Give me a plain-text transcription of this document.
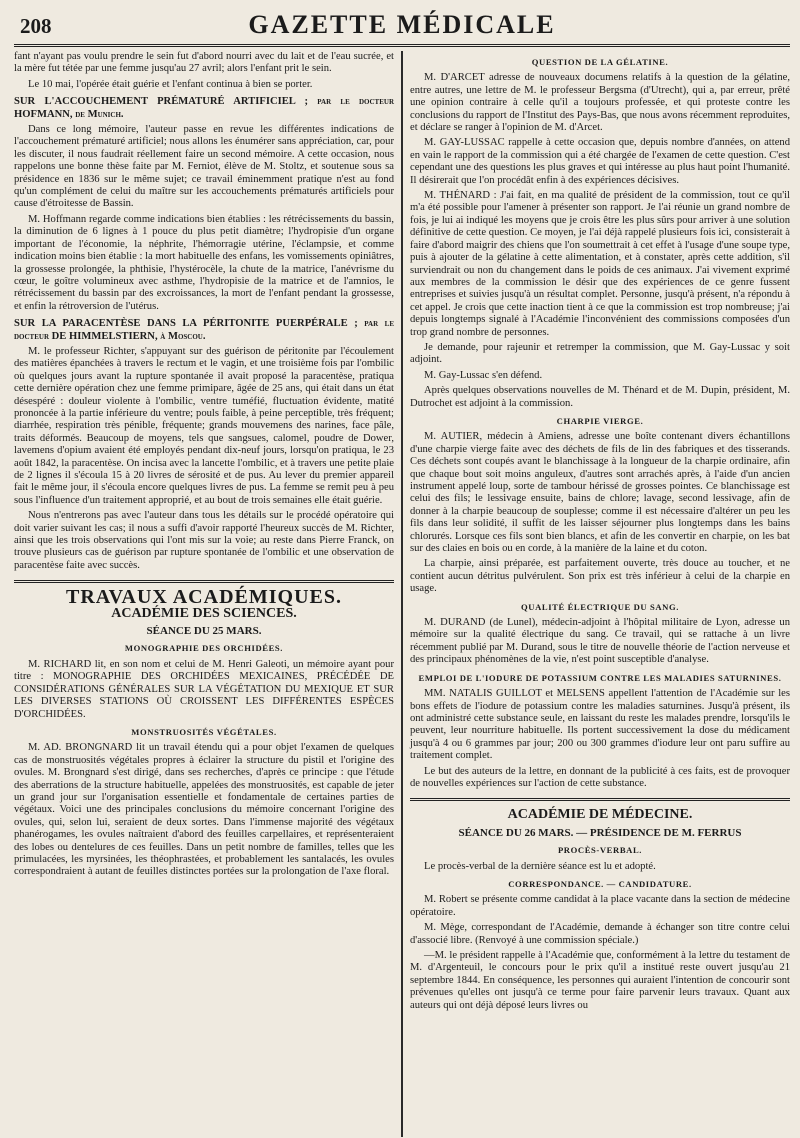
208	GAZETTE MÉDICALE

fant n'ayant pas voulu prendre le sein fut d'abord nourri avec du lait et de l'eau sucrée, et la mère fut tétée par une femme jusqu'au 27 avril; alors l'enfant prit le sein.

Le 10 mai, l'opérée était guérie et l'enfant continua à bien se porter.

SUR L'ACCOUCHEMENT PRÉMATURÉ ARTIFICIEL ; par le docteur HOFMANN, de Munich.

Dans ce long mémoire, l'auteur passe en revue les différentes indications de l'accouchement prématuré artificiel; nous allons les énumérer sans appréciation, car, pour les discuter, il nous faudrait réellement faire un second mémoire. A cette occasion, nous rappelons une bonne thèse faite par M. Ferniot, élève de M. Stoltz, et soutenue sous sa présidence en 1836 sur le même sujet; ce travail éminemment pratique n'est au fond qu'un complément de celui du maître sur les accouchements prématurés artificiels pour cause d'étroitesse de Bassin.

M. Hoffmann regarde comme indications bien établies : les rétrécissements du bassin, la diminution de 6 lignes à 1 pouce du plus petit diamètre; l'hydropisie d'un organe important de l'économie, la néphrite, l'hémorragie utérine, l'éclampsie, et comme indication moins bien établie : la mort habituelle des enfans, les vomissements opiniâtres, la grossesse prolongée, la phthisie, l'hystérocèle, la chute de la matrice, l'anévrisme du cœur, le goître volumineux avec asthme, l'hydropisie de la matrice et de l'amnios, le rétrécissement du bassin par des excroissances, la mort de l'enfant pendant la grossesse, et enfin la rétroversion de l'utérus.

SUR LA PARACENTÈSE DANS LA PÉRITONITE PUERPÉRALE ; par le docteur DE HIMMELSTIERN, à Moscou.

M. le professeur Richter, s'appuyant sur des guérison de péritonite par l'écoulement des matières épanchées à travers le rectum et le vagin, et une troisième fois par l'ombilic où quelques jours avant la rupture spontanée il avait proposé la paracentèse, pratiqua cette dernière opération chez une femme primipare, âgée de 25 ans, qui était dans un état désespéré : douleur violente à l'ombilic, ventre tuméfié, fluctuation évidente, matité prononcée à la partie inférieure du ventre; pouls faible, à peine perceptible, très fréquent; diarrhée, respiration très pénible, fréquente; grands mouvemens des narines, face pâle, traits déformés. Beaucoup de moyens, tels que sangsues, calomel, poudre de Dower, lavemens d'opium avaient été employés pendant dix-neuf jours, lorsqu'on pratiqua, le 23 août 1842, la paracentèse. On incisa avec la lancette l'ombilic, et à travers une petite plaie de 2 lignes il s'écoula 15 à 20 livres de sérosité et de pus. Au lever du premier appareil fait le même jour, il s'écoula encore quelques livres de pus. La femme se remit peu à peu sous l'influence d'un traitement approprié, et au bout de trois semaines elle était guérie.

Nous n'entrerons pas avec l'auteur dans tous les détails sur le procédé opératoire qui doit varier suivant les cas; il nous a suffi d'avoir rapporté l'heureux succès de M. Richter, ainsi que les trois observations qui l'ont mis sur la voie; au reste dans Pierre Franck, on trouve plusieurs cas de guérison par rupture spontanée de l'ombilic et une observation de paracentèse faite avec succès.

TRAVAUX ACADÉMIQUES.
ACADÉMIE DES SCIENCES.
SÉANCE DU 25 MARS.
MONOGRAPHIE DES ORCHIDÉES.

M. RICHARD lit, en son nom et celui de M. Henri Galeoti, un mémoire ayant pour titre : MONOGRAPHIE DES ORCHIDÉES MEXICAINES, PRÉCÉDÉE DE CONSIDÉRATIONS GÉNÉRALES SUR LA VÉGÉTATION DU MEXIQUE ET SUR LES DIVERSES STATIONS OÙ CROISSENT LES DIFFÉRENTES ESPÈCES D'ORCHIDÉES.

MONSTRUOSITÉS VÉGÉTALES.

M. AD. BRONGNARD lit un travail étendu qui a pour objet l'examen de quelques cas de monstruosités végétales propres à éclairer la structure du pistil et l'origine des ovules. M. Brongnard s'est dirigé, dans ses recherches, d'après ce principe : que l'étude des aberrations de la structure habituelle, appelées des monstruosités, est capable de jeter un grand jour sur l'organisation essentielle et fondamentale de certaines parties de végétaux. Voici une des principales conclusions du mémoire concernant l'origine des ovules, qui, selon lui, seraient de deux sortes. Dans l'immense majorité des végétaux phanérogames, les ovules naîtraient d'abord des feuilles carpellaires, et représenteraient des lobes ou dentelures de ces feuilles. Dans un petit nombre de familles, telles que les primulacées, les myrsinées, les théophrastées, et probablement les santalacés, les ovules correspondraient à autant de feuilles distinctes portées sur la prolongation de l'axe floral.

QUESTION DE LA GÉLATINE.

M. D'ARCET adresse de nouveaux documens relatifs à la question de la gélatine, entre autres, une lettre de M. le professeur Bergsma (d'Utrecht), qui a, par erreur, prêté une opinion contraire à celle qu'il a toujours professée, et qui proteste contre les conclusions du rapport de l'Institut des Pays-Bas, que nous avons récemment reproduites, et déclare se ranger à l'opinion de M. d'Arcet.

M. GAY-LUSSAC rappelle à cette occasion que, depuis nombre d'années, on attend en vain le rapport de la commission qui a été chargée de l'examen de cette question. C'est cependant une des questions les plus graves et qui intéresse au plus haut point l'humanité. Il désirerait que l'on procédât enfin à des expériences décisives.

M. THÉNARD : J'ai fait, en ma qualité de président de la commission, tout ce qu'il m'a été possible pour l'amener à présenter son rapport. Je l'ai réunie un grand nombre de fois, je lui ai indiqué les moyens que je crois être les plus sûrs pour arriver à une solution définitive de cette question. Ce moyen, je l'ai déjà rappelé plusieurs fois ici, consisterait à faire d'abord maigrir des chiens que l'on soumettrait à cet effet à l'usage d'une soupe type, puis à ajouter de la gélatine à cette alimentation, et à constater, après cette addition, s'il surviendrait ou non du changement dans le poids de ces animaux. J'ai vivement exprimé aux membres de la commission le désir que des expériences de ce genre fussent entreprises et suivies jusqu'à un résultat complet. Personne, jusqu'à présent, n'a répondu à cet appel. Je crois que cette inaction tient à ce que la commission est trop nombreuse; j'ai depuis longtemps signalé à l'Académie l'inconvénient des commissions composées d'un trop grand nombre de personnes.

Je demande, pour rajeunir et retremper la commission, que M. Gay-Lussac y soit adjoint.

M. Gay-Lussac s'en défend.

Après quelques observations nouvelles de M. Thénard et de M. Dupin, président, M. Dutrochet est adjoint à la commission.

CHARPIE VIERGE.

M. AUTIER, médecin à Amiens, adresse une boîte contenant divers échantillons d'une charpie vierge faite avec des déchets de fils de lin des fabriques et des tisserands. Ces déchets sont coupés avant le blanchissage à la longueur de la charpie ordinaire, afin que chaque bout soit moins anguleux, d'autres sont arrachés après, à l'aide d'un ancien instrument appelé loup, sorte de tambour hérissé de grosses pointes. Ce blanchissage est celui des fils; le lessivage ensuite, bains de chlore; lavage, second lessivage, afin de donner à la charpie beaucoup de souplesse; comme il est nécessaire d'altérer un peu les fils dans leur solidité, il suffit de les laisser séjourner plus longtemps dans les bains chlorurés. Lorsque ces fils sont bien blancs, et afin de les convertir en charpie, on les bat sur des claies en bois ou en corde, à la manière de la laine et du coton.

La charpie, ainsi préparée, est parfaitement ouverte, très douce au toucher, et ne contient aucun détritus pulvérulent. Son prix est très inférieur à celui de la charpie en usage.

QUALITÉ ÉLECTRIQUE DU SANG.

M. DURAND (de Lunel), médecin-adjoint à l'hôpital militaire de Lyon, adresse un mémoire sur la qualité électrique du sang. Ce travail, qui se rattache à un livre récemment publié par M. Durand, sous le titre de nouvelle théorie de l'action nerveuse et des principaux phénomènes de la vie, n'est point susceptible d'analyse.

EMPLOI DE L'IODURE DE POTASSIUM CONTRE LES MALADIES SATURNINES.

MM. NATALIS GUILLOT et MELSENS appellent l'attention de l'Académie sur les bons effets de l'iodure de potassium contre les maladies saturnines. Jusqu'à présent, ils ont administré cette substance seule, en laissant du reste les malades prendre, lorsqu'ils le peuvent, leur nourriture habituelle. Ils portent successivement la dose du médicament jusqu'à 4 ou 6 grammes par jour; 200 ou 300 grammes d'iodure leur ont paru suffire au traitement complet.

Le but des auteurs de la lettre, en donnant de la publicité à ces faits, est de provoquer de nouvelles expériences sur l'action de cette substance.

ACADÉMIE DE MÉDECINE.
SÉANCE DU 26 MARS. — PRÉSIDENCE DE M. FERRUS
PROCÈS-VERBAL.

Le procès-verbal de la dernière séance est lu et adopté.

CORRESPONDANCE. — CANDIDATURE.

M. Robert se présente comme candidat à la place vacante dans la section de médecine opératoire.

M. Mège, correspondant de l'Académie, demande à échanger son titre contre celui d'associé libre. (Renvoyé à une commission spéciale.)

—M. le président rappelle à l'Académie que, conformément à la lettre du testament de M. d'Argenteuil, le concours pour le prix qu'il a institué reste ouvert jusqu'au 21 septembre 1844. En conséquence, les personnes qui auraient l'intention de concourir sont prévenues qu'elles ont jusqu'à ce terme pour faire parvenir leurs travaux. Quant aux auteurs qui ont déjà déposé leurs livres ou
